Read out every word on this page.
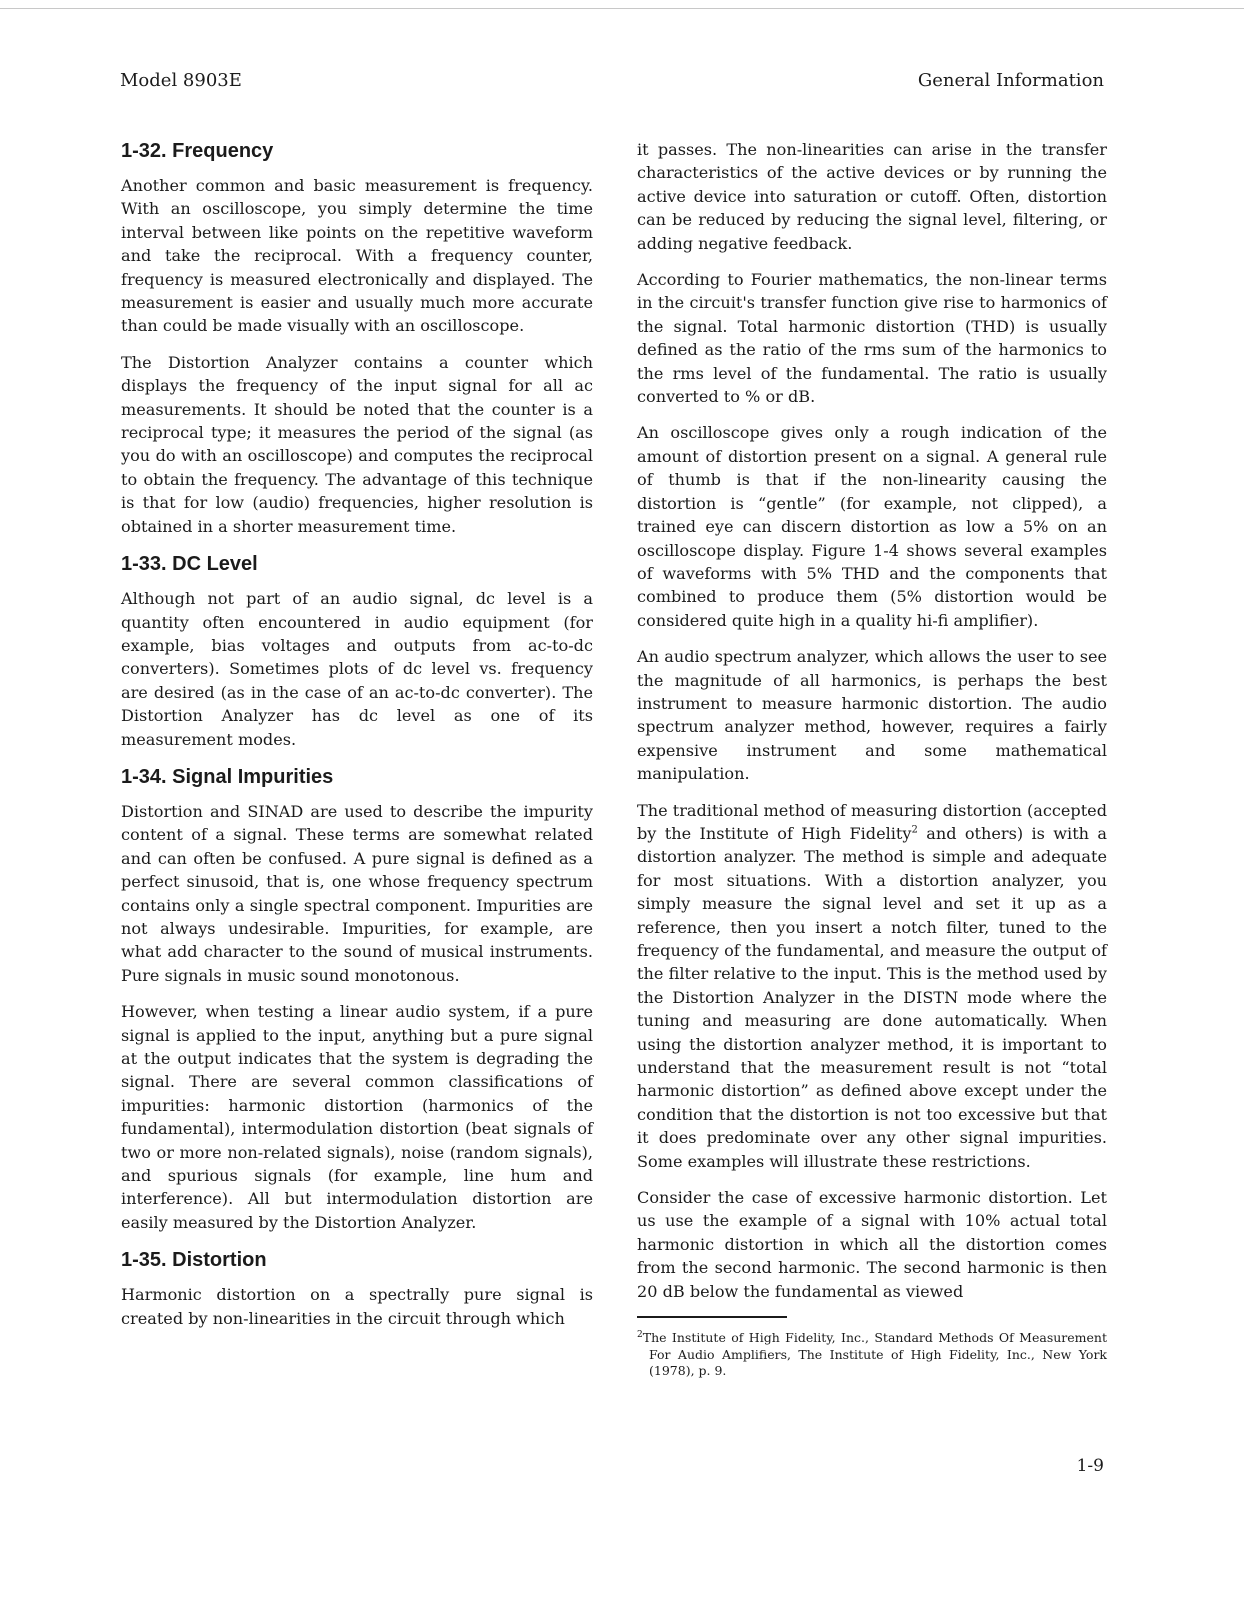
Model 8903E	General Information
1-32. Frequency

Another common and basic measurement is frequency. With an oscilloscope, you simply determine the time interval between like points on the repetitive waveform and take the reciprocal. With a frequency counter, frequency is measured electronically and displayed. The measurement is easier and usually much more accurate than could be made visually with an oscilloscope.

The Distortion Analyzer contains a counter which displays the frequency of the input signal for all ac measurements. It should be noted that the counter is a reciprocal type; it measures the period of the signal (as you do with an oscilloscope) and computes the reciprocal to obtain the frequency. The advantage of this technique is that for low (audio) frequencies, higher resolution is obtained in a shorter measurement time.

1-33. DC Level

Although not part of an audio signal, dc level is a quantity often encountered in audio equipment (for example, bias voltages and outputs from ac-to-dc converters). Sometimes plots of dc level vs. frequency are desired (as in the case of an ac-to-dc converter). The Distortion Analyzer has dc level as one of its measurement modes.

1-34. Signal Impurities

Distortion and SINAD are used to describe the impurity content of a signal. These terms are somewhat related and can often be confused. A pure signal is defined as a perfect sinusoid, that is, one whose frequency spectrum contains only a single spectral component. Impurities are not always undesirable. Impurities, for example, are what add character to the sound of musical instruments. Pure signals in music sound monotonous.

However, when testing a linear audio system, if a pure signal is applied to the input, anything but a pure signal at the output indicates that the system is degrading the signal. There are several common classifications of impurities: harmonic distortion (harmonics of the fundamental), intermodulation distortion (beat signals of two or more non-related signals), noise (random signals), and spurious signals (for example, line hum and interference). All but intermodulation distortion are easily measured by the Distortion Analyzer.

1-35. Distortion

Harmonic distortion on a spectrally pure signal is created by non-linearities in the circuit through which

it passes. The non-linearities can arise in the transfer characteristics of the active devices or by running the active device into saturation or cutoff. Often, distortion can be reduced by reducing the signal level, filtering, or adding negative feedback.

According to Fourier mathematics, the non-linear terms in the circuit's transfer function give rise to harmonics of the signal. Total harmonic distortion (THD) is usually defined as the ratio of the rms sum of the harmonics to the rms level of the fundamental. The ratio is usually converted to % or dB.

An oscilloscope gives only a rough indication of the amount of distortion present on a signal. A general rule of thumb is that if the non-linearity causing the distortion is “gentle” (for example, not clipped), a trained eye can discern distortion as low a 5% on an oscilloscope display. Figure 1-4 shows several examples of waveforms with 5% THD and the components that combined to produce them (5% distortion would be considered quite high in a quality hi-fi amplifier).

An audio spectrum analyzer, which allows the user to see the magnitude of all harmonics, is perhaps the best instrument to measure harmonic distortion. The audio spectrum analyzer method, however, requires a fairly expensive instrument and some mathematical manipulation.

The traditional method of measuring distortion (accepted by the Institute of High Fidelity$^2$ and others) is with a distortion analyzer. The method is simple and adequate for most situations. With a distortion analyzer, you simply measure the signal level and set it up as a reference, then you insert a notch filter, tuned to the frequency of the fundamental, and measure the output of the filter relative to the input. This is the method used by the Distortion Analyzer in the DISTN mode where the tuning and measuring are done automatically. When using the distortion analyzer method, it is important to understand that the measurement result is not “total harmonic distortion” as defined above except under the condition that the distortion is not too excessive but that it does predominate over any other signal impurities. Some examples will illustrate these restrictions.

Consider the case of excessive harmonic distortion. Let us use the example of a signal with 10% actual total harmonic distortion in which all the distortion comes from the second harmonic. The second harmonic is then 20 dB below the fundamental as viewed

$^2$The Institute of High Fidelity, Inc., Standard Methods Of Measurement For Audio Amplifiers, The Institute of High Fidelity, Inc., New York (1978), p. 9.
1-9
